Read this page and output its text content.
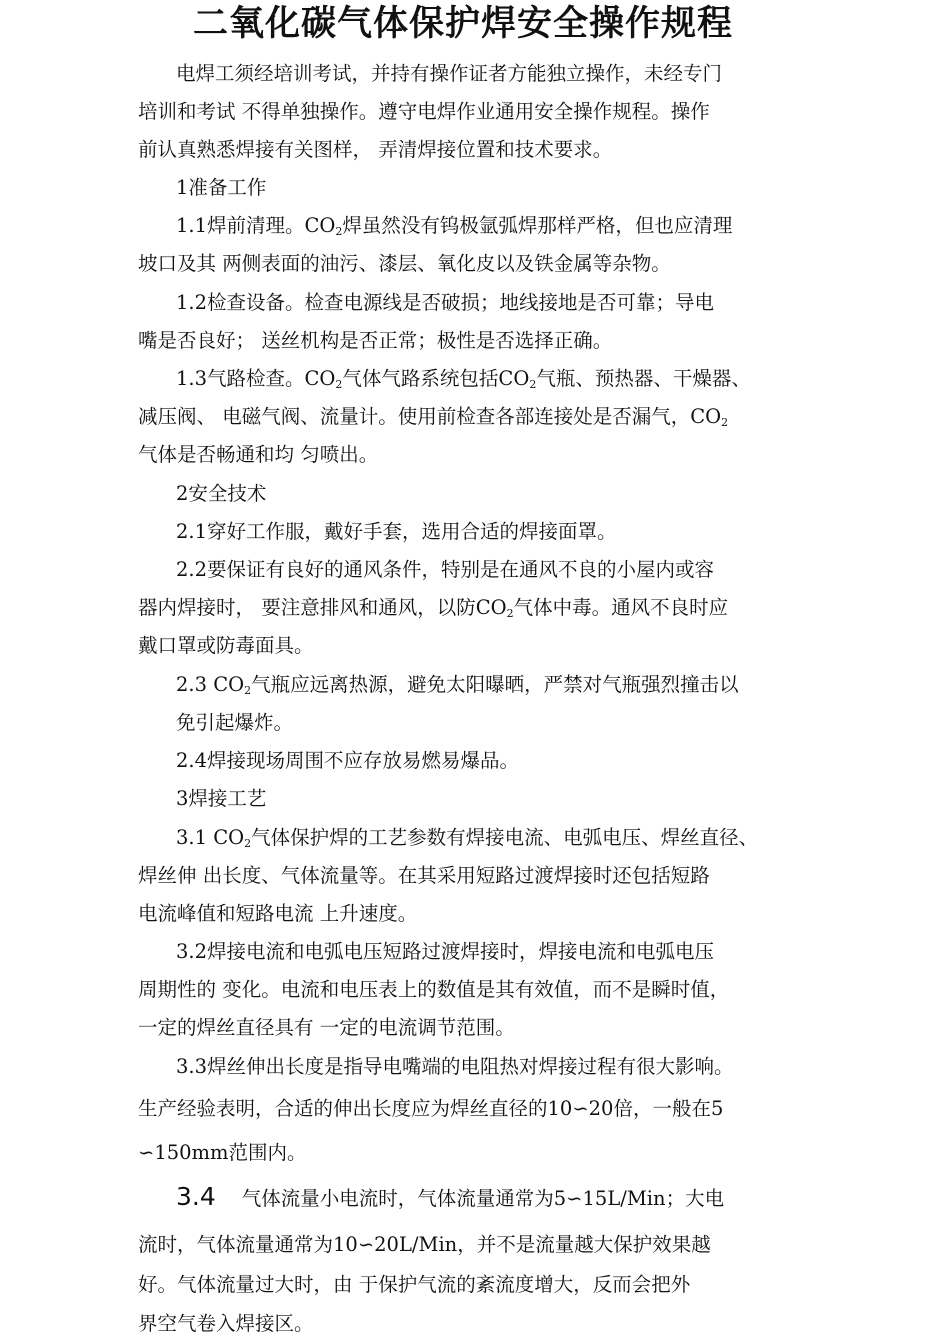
二氧化碳气体保护焊安全操作规程
电焊工须经培训考试，并持有操作证者方能独立操作，未经专门
培训和考试 不得单独操作。遵守电焊作业通用安全操作规程。操作
前认真熟悉焊接有关图样， 弄清焊接位置和技术要求。
1准备工作
1.1焊前清理。$CO_2$焊虽然没有钨极氩弧焊那样严格，但也应清理
坡口及其 两侧表面的油污、漆层、氧化皮以及铁金属等杂物。
1.2检查设备。检查电源线是否破损；地线接地是否可靠；导电
嘴是否良好； 送丝机构是否正常；极性是否选择正确。
1.3气路检查。$CO_2$气体气路系统包括$CO_2$气瓶、预热器、干燥器、
减压阀、 电磁气阀、流量计。使用前检查各部连接处是否漏气，$CO_2$
气体是否畅通和均 匀喷出。
2安全技术
2.1穿好工作服，戴好手套，选用合适的焊接面罩。
2.2要保证有良好的通风条件，特别是在通风不良的小屋内或容
器内焊接时， 要注意排风和通风，以防$CO_2$气体中毒。通风不良时应
戴口罩或防毒面具。
2.3 $CO_2$气瓶应远离热源，避免太阳曝晒，严禁对气瓶强烈撞击以
免引起爆炸。
2.4焊接现场周围不应存放易燃易爆品。
3焊接工艺
3.1 $CO_2$气体保护焊的工艺参数有焊接电流、电弧电压、焊丝直径、
焊丝伸 出长度、气体流量等。在其采用短路过渡焊接时还包括短路
电流峰值和短路电流 上升速度。
3.2焊接电流和电弧电压短路过渡焊接时，焊接电流和电弧电压
周期性的 变化。电流和电压表上的数值是其有效值，而不是瞬时值，
一定的焊丝直径具有 一定的电流调节范围。
3.3焊丝伸出长度是指导电嘴端的电阻热对焊接过程有很大影响。
生产经验表明，合适的伸出长度应为焊丝直径的10∽20倍，一般在5
∽150mm范围内。
3.4 气体流量小电流时，气体流量通常为5∽15L/Min；大电
流时，气体流量通常为10∽20L/Min，并不是流量越大保护效果越
好。气体流量过大时，由 于保护气流的紊流度增大，反而会把外
界空气卷入焊接区。
